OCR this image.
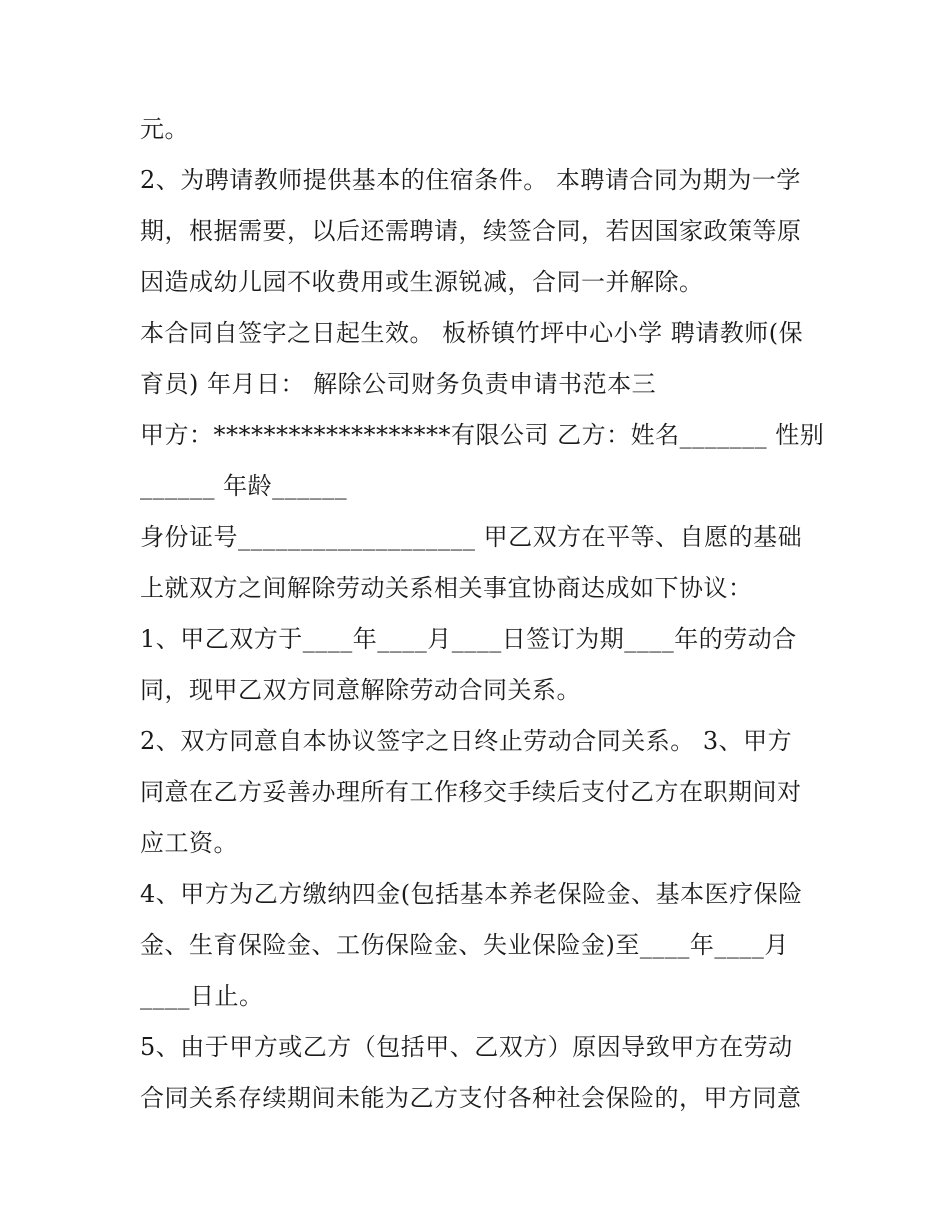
元。
2、为聘请教师提供基本的住宿条件。 本聘请合同为期为一学
期，根据需要，以后还需聘请，续签合同，若因国家政策等原
因造成幼儿园不收费用或生源锐减，合同一并解除。
本合同自签字之日起生效。 板桥镇竹坪中心小学 聘请教师(保
育员) 年月日： 解除公司财务负责申请书范本三
甲方：*******************有限公司 乙方：姓名_______ 性别
______ 年龄______
身份证号___________________ 甲乙双方在平等、自愿的基础
上就双方之间解除劳动关系相关事宜协商达成如下协议：
1、甲乙双方于____年____月____日签订为期____年的劳动合
同，现甲乙双方同意解除劳动合同关系。
2、双方同意自本协议签字之日终止劳动合同关系。 3、甲方
同意在乙方妥善办理所有工作移交手续后支付乙方在职期间对
应工资。
4、甲方为乙方缴纳四金(包括基本养老保险金、基本医疗保险
金、生育保险金、工伤保险金、失业保险金)至____年____月
____日止。
5、由于甲方或乙方（包括甲、乙双方）原因导致甲方在劳动
合同关系存续期间未能为乙方支付各种社会保险的，甲方同意
